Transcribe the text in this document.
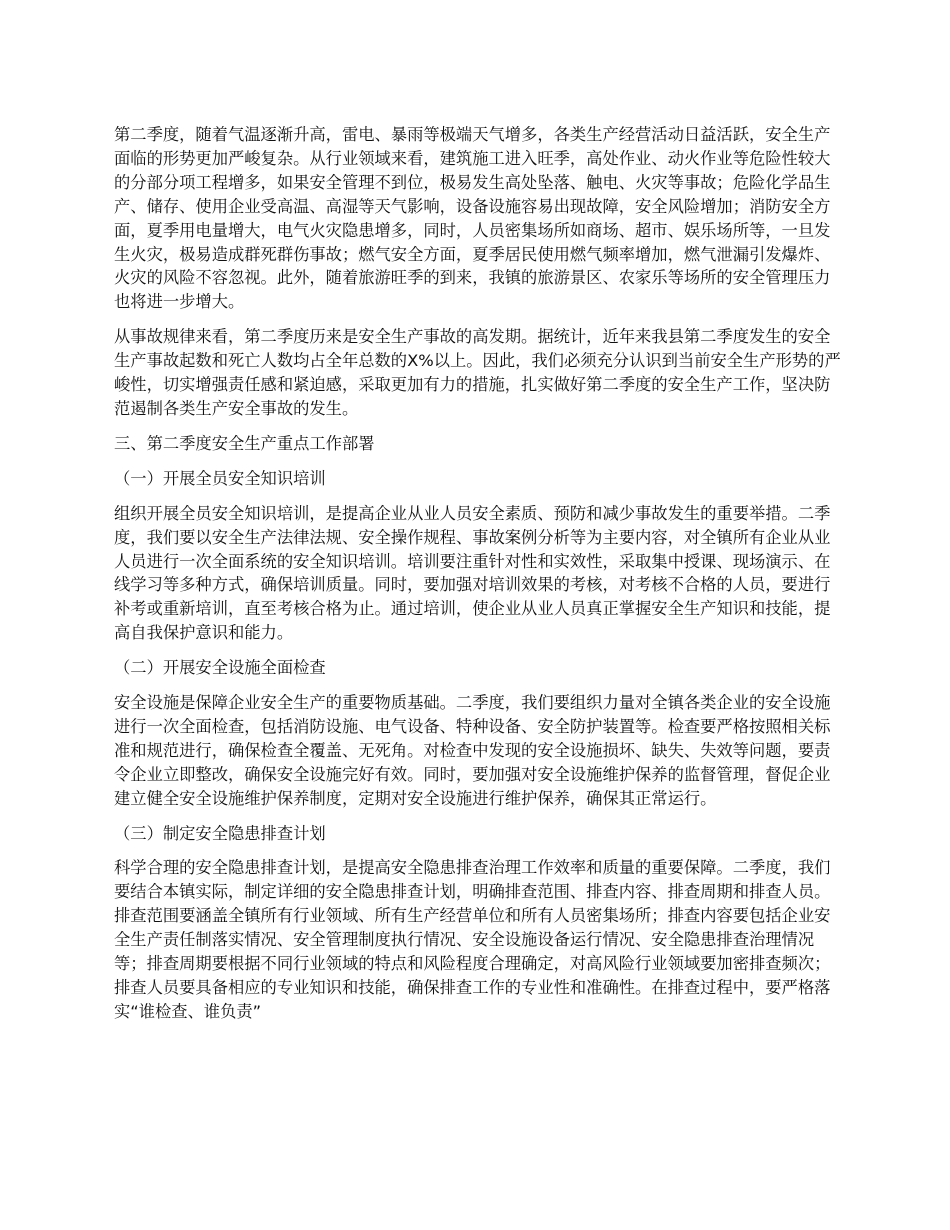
第二季度，随着气温逐渐升高，雷电、暴雨等极端天气增多，各类生产经营活动日益活跃，安全生产面临的形势更加严峻复杂。从行业领域来看，建筑施工进入旺季，高处作业、动火作业等危险性较大的分部分项工程增多，如果安全管理不到位，极易发生高处坠落、触电、火灾等事故；危险化学品生产、储存、使用企业受高温、高湿等天气影响，设备设施容易出现故障，安全风险增加；消防安全方面，夏季用电量增大，电气火灾隐患增多，同时，人员密集场所如商场、超市、娱乐场所等，一旦发生火灾，极易造成群死群伤事故；燃气安全方面，夏季居民使用燃气频率增加，燃气泄漏引发爆炸、火灾的风险不容忽视。此外，随着旅游旺季的到来，我镇的旅游景区、农家乐等场所的安全管理压力也将进一步增大。

从事故规律来看，第二季度历来是安全生产事故的高发期。据统计，近年来我县第二季度发生的安全生产事故起数和死亡人数均占全年总数的X%以上。因此，我们必须充分认识到当前安全生产形势的严峻性，切实增强责任感和紧迫感，采取更加有力的措施，扎实做好第二季度的安全生产工作，坚决防范遏制各类生产安全事故的发生。

三、第二季度安全生产重点工作部署

（一）开展全员安全知识培训

组织开展全员安全知识培训，是提高企业从业人员安全素质、预防和减少事故发生的重要举措。二季度，我们要以安全生产法律法规、安全操作规程、事故案例分析等为主要内容，对全镇所有企业从业人员进行一次全面系统的安全知识培训。培训要注重针对性和实效性，采取集中授课、现场演示、在线学习等多种方式，确保培训质量。同时，要加强对培训效果的考核，对考核不合格的人员，要进行补考或重新培训，直至考核合格为止。通过培训，使企业从业人员真正掌握安全生产知识和技能，提高自我保护意识和能力。

（二）开展安全设施全面检查

安全设施是保障企业安全生产的重要物质基础。二季度，我们要组织力量对全镇各类企业的安全设施进行一次全面检查，包括消防设施、电气设备、特种设备、安全防护装置等。检查要严格按照相关标准和规范进行，确保检查全覆盖、无死角。对检查中发现的安全设施损坏、缺失、失效等问题，要责令企业立即整改，确保安全设施完好有效。同时，要加强对安全设施维护保养的监督管理，督促企业建立健全安全设施维护保养制度，定期对安全设施进行维护保养，确保其正常运行。

（三）制定安全隐患排查计划

科学合理的安全隐患排查计划，是提高安全隐患排查治理工作效率和质量的重要保障。二季度，我们要结合本镇实际，制定详细的安全隐患排查计划，明确排查范围、排查内容、排查周期和排查人员。排查范围要涵盖全镇所有行业领域、所有生产经营单位和所有人员密集场所；排查内容要包括企业安全生产责任制落实情况、安全管理制度执行情况、安全设施设备运行情况、安全隐患排查治理情况等；排查周期要根据不同行业领域的特点和风险程度合理确定，对高风险行业领域要加密排查频次；排查人员要具备相应的专业知识和技能，确保排查工作的专业性和准确性。在排查过程中，要严格落实“谁检查、谁负责”
